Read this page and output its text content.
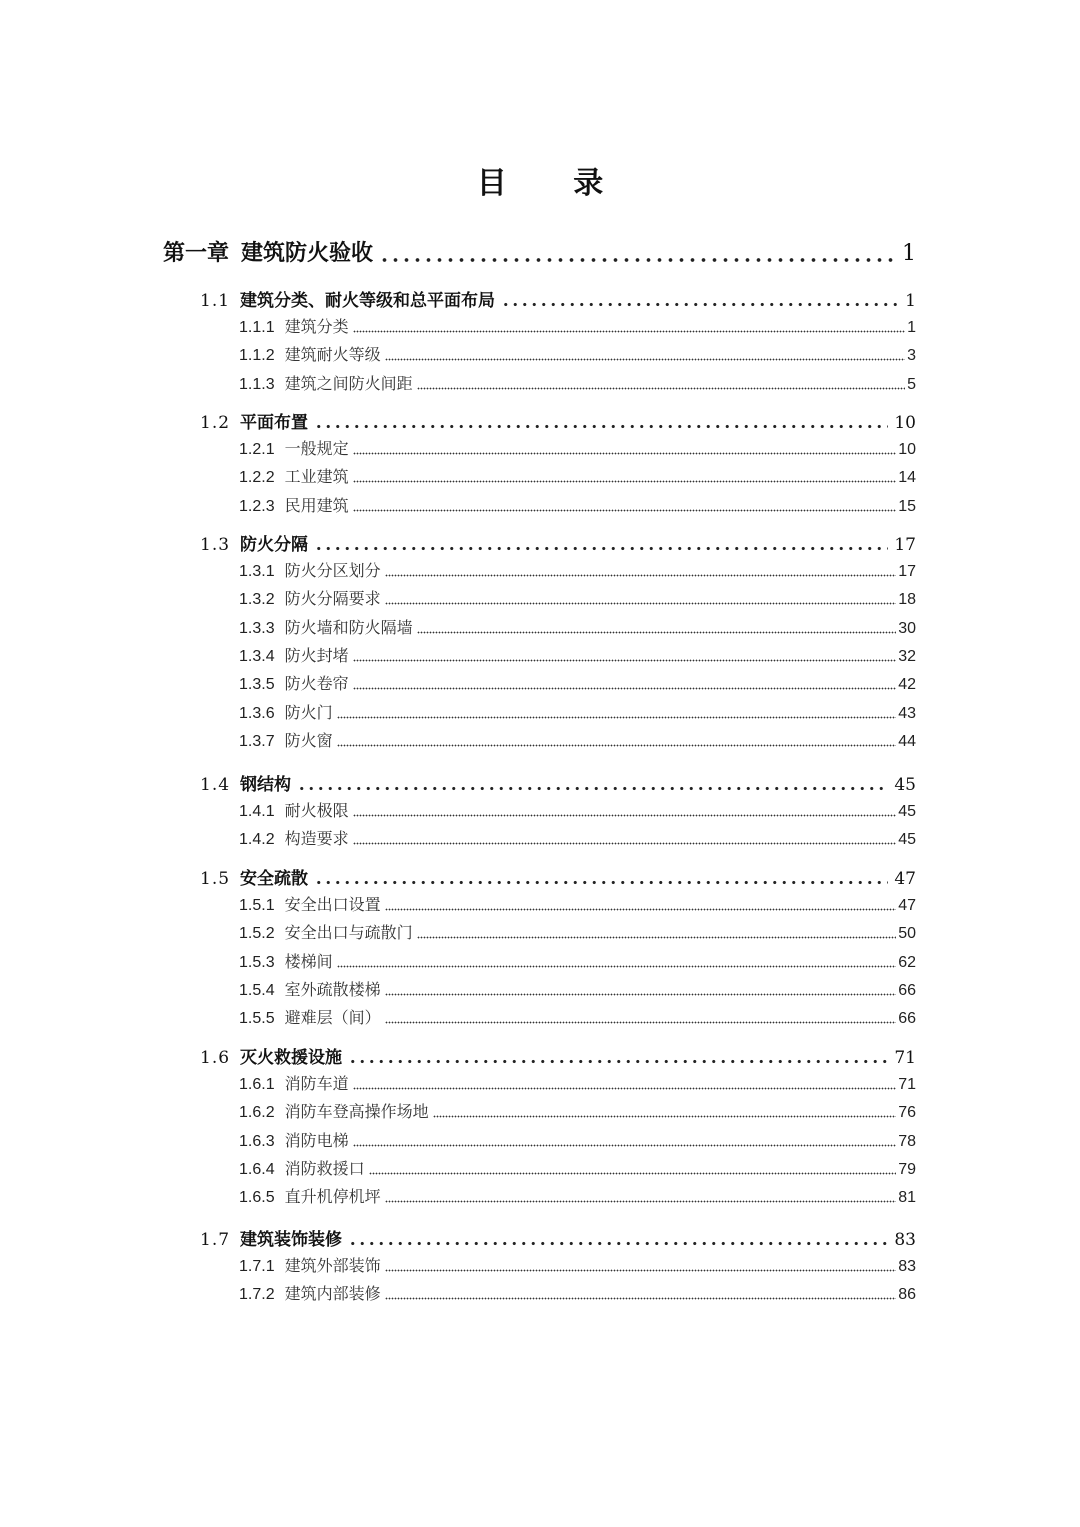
目 录
第一章 建筑防火验收	1
1.1 建筑分类、耐火等级和总平面布局	1
1.1.1 建筑分类	1
1.1.2 建筑耐火等级	3
1.1.3 建筑之间防火间距	5
1.2 平面布置	10
1.2.1 一般规定	10
1.2.2 工业建筑	14
1.2.3 民用建筑	15
1.3 防火分隔	17
1.3.1 防火分区划分	17
1.3.2 防火分隔要求	18
1.3.3 防火墙和防火隔墙	30
1.3.4 防火封堵	32
1.3.5 防火卷帘	42
1.3.6 防火门	43
1.3.7 防火窗	44
1.4 钢结构	45
1.4.1 耐火极限	45
1.4.2 构造要求	45
1.5 安全疏散	47
1.5.1 安全出口设置	47
1.5.2 安全出口与疏散门	50
1.5.3 楼梯间	62
1.5.4 室外疏散楼梯	66
1.5.5 避难层（间）	66
1.6 灭火救援设施	71
1.6.1 消防车道	71
1.6.2 消防车登高操作场地	76
1.6.3 消防电梯	78
1.6.4 消防救援口	79
1.6.5 直升机停机坪	81
1.7 建筑装饰装修	83
1.7.1 建筑外部装饰	83
1.7.2 建筑内部装修	86
